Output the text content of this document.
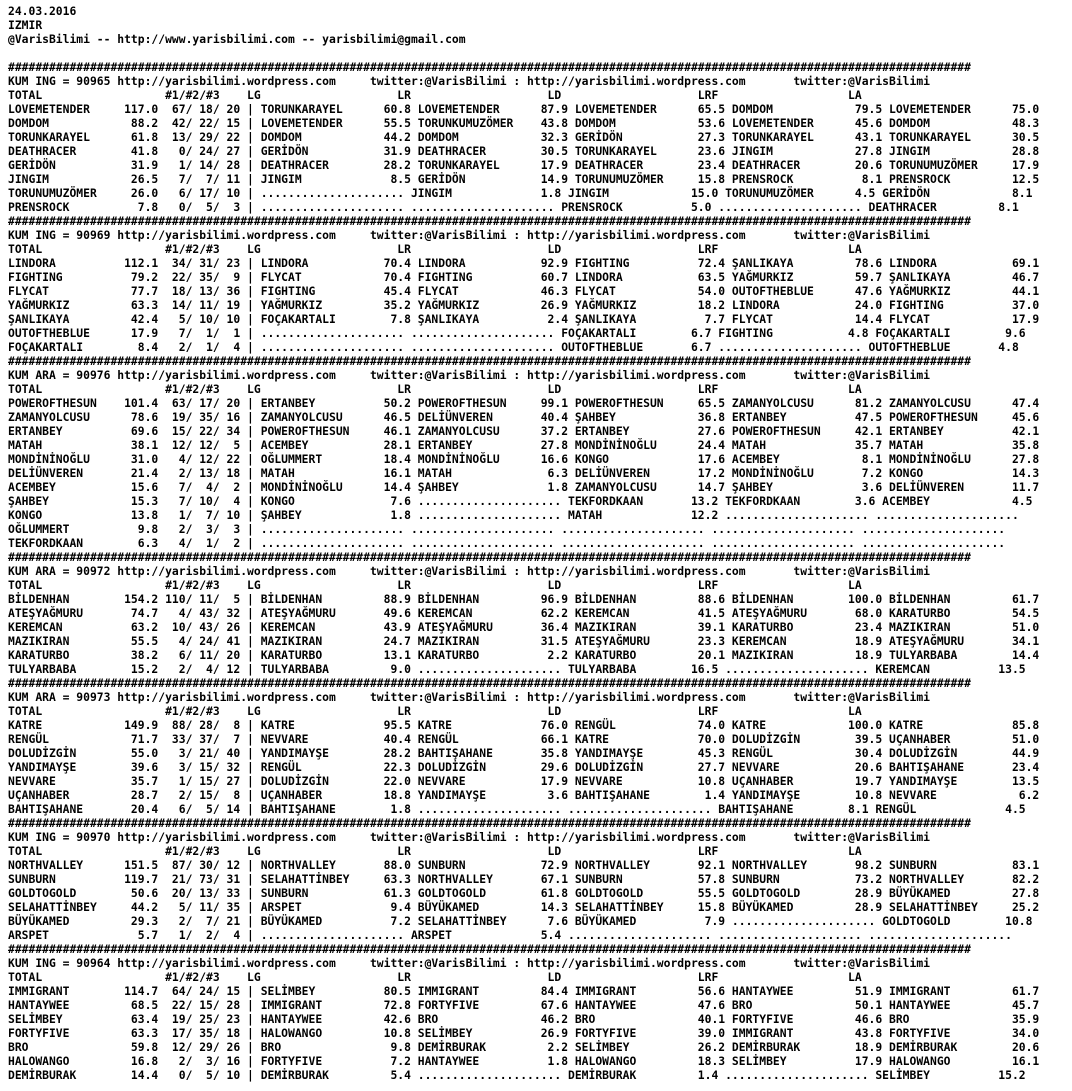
24.03.2016
IZMIR
@VarisBilimi -- http://www.yarisbilimi.com -- yarisbilimi@gmail.com

#############################################################################################################################################
KUM ING = 90965 http://yarisbilimi.wordpress.com     twitter:@VarisBilimi : http://yarisbilimi.wordpress.com       twitter:@VarisBilimi
TOTAL                  #1/#2/#3    LG                    LR                    LD                    LRF                   LA
LOVEMETENDER     117.0  67/ 18/ 20 | TORUNKARAYEL      60.8 LOVEMETENDER      87.9 LOVEMETENDER      65.5 DOMDOM            79.5 LOVEMETENDER      75.0
DOMDOM            88.2  42/ 22/ 15 | LOVEMETENDER      55.5 TORUNKUMUZÖMER    43.8 DOMDOM            53.6 LOVEMETENDER      45.6 DOMDOM            48.3
TORUNKARAYEL      61.8  13/ 29/ 22 | DOMDOM            44.2 DOMDOM            32.3 GERİDÖN           27.3 TORUNKARAYEL      43.1 TORUNKARAYEL      30.5
DEATHRACER        41.8   0/ 24/ 27 | GERİDÖN           31.9 DEATHRACER        30.5 TORUNKARAYEL      23.6 JINGIM            27.8 JINGIM            28.8
GERİDÖN           31.9   1/ 14/ 28 | DEATHRACER        28.2 TORUNKARAYEL      17.9 DEATHRACER        23.4 DEATHRACER        20.6 TORUNUMUZÖMER     17.9
JINGIM            26.5   7/  7/ 11 | JINGIM             8.5 GERİDÖN           14.9 TORUNUMUZÖMER     15.8 PRENSROCK          8.1 PRENSROCK         12.5
TORUNUMUZÖMER     26.0   6/ 17/ 10 | ..................... JINGIM             1.8 JINGIM            15.0 TORUNUMUZÖMER      4.5 GERİDÖN            8.1
PRENSROCK          7.8   0/  5/  3 | ..................... ..................... PRENSROCK          5.0 ..................... DEATHRACER         8.1
#############################################################################################################################################
KUM ING = 90969 http://yarisbilimi.wordpress.com     twitter:@VarisBilimi : http://yarisbilimi.wordpress.com       twitter:@VarisBilimi
TOTAL                  #1/#2/#3    LG                    LR                    LD                    LRF                   LA
LINDORA          112.1  34/ 31/ 23 | LINDORA           70.4 LINDORA           92.9 FIGHTING          72.4 ŞANLIKAYA         78.6 LINDORA           69.1
FIGHTING          79.2  22/ 35/  9 | FLYCAT            70.4 FIGHTING          60.7 LINDORA           63.5 YAĞMURKIZ         59.7 ŞANLIKAYA         46.7
FLYCAT            77.7  18/ 13/ 36 | FIGHTING          45.4 FLYCAT            46.3 FLYCAT            54.0 OUTOFTHEBLUE      47.6 YAĞMURKIZ         44.1
YAĞMURKIZ         63.3  14/ 11/ 19 | YAĞMURKIZ         35.2 YAĞMURKIZ         26.9 YAĞMURKIZ         18.2 LINDORA           24.0 FIGHTING          37.0
ŞANLIKAYA         42.4   5/ 10/ 10 | FOÇAKARTALI        7.8 ŞANLIKAYA          2.4 ŞANLIKAYA          7.7 FLYCAT            14.4 FLYCAT            17.9
OUTOFTHEBLUE      17.9   7/  1/  1 | ..................... ..................... FOÇAKARTALI        6.7 FIGHTING           4.8 FOÇAKARTALI        9.6
FOÇAKARTALI        8.4   2/  1/  4 | ..................... ..................... OUTOFTHEBLUE       6.7 ..................... OUTOFTHEBLUE       4.8
#############################################################################################################################################
KUM ARA = 90976 http://yarisbilimi.wordpress.com     twitter:@VarisBilimi : http://yarisbilimi.wordpress.com       twitter:@VarisBilimi
TOTAL                  #1/#2/#3    LG                    LR                    LD                    LRF                   LA
POWEROFTHESUN    101.4  63/ 17/ 20 | ERTANBEY          50.2 POWEROFTHESUN     99.1 POWEROFTHESUN     65.5 ZAMANYOLCUSU      81.2 ZAMANYOLCUSU      47.4
ZAMANYOLCUSU      78.6  19/ 35/ 16 | ZAMANYOLCUSU      46.5 DELİÜNVEREN       40.4 ŞAHBEY            36.8 ERTANBEY          47.5 POWEROFTHESUN     45.6
ERTANBEY          69.6  15/ 22/ 34 | POWEROFTHESUN     46.1 ZAMANYOLCUSU      37.2 ERTANBEY          27.6 POWEROFTHESUN     42.1 ERTANBEY          42.1
MATAH             38.1  12/ 12/  5 | ACEMBEY           28.1 ERTANBEY          27.8 MONDİNİNOĞLU      24.4 MATAH             35.7 MATAH             35.8
MONDİNİNOĞLU      31.0   4/ 12/ 22 | OĞLUMMERT         18.4 MONDİNİNOĞLU      16.6 KONGO             17.6 ACEMBEY            8.1 MONDİNİNOĞLU      27.8
DELİÜNVEREN       21.4   2/ 13/ 18 | MATAH             16.1 MATAH              6.3 DELİÜNVEREN       17.2 MONDİNİNOĞLU       7.2 KONGO             14.3
ACEMBEY           15.6   7/  4/  2 | MONDİNİNOĞLU      14.4 ŞAHBEY             1.8 ZAMANYOLCUSU      14.7 ŞAHBEY             3.6 DELİÜNVEREN       11.7
ŞAHBEY            15.3   7/ 10/  4 | KONGO              7.6 ..................... TEKFORDKAAN       13.2 TEKFORDKAAN        3.6 ACEMBEY            4.5
KONGO             13.8   1/  7/ 10 | ŞAHBEY             1.8 ..................... MATAH             12.2 ..................... .....................
OĞLUMMERT          9.8   2/  3/  3 | ..................... ..................... ..................... ..................... .....................
TEKFORDKAAN        6.3   4/  1/  2 | ..................... ..................... ..................... ..................... .....................
#############################################################################################################################################
KUM ARA = 90972 http://yarisbilimi.wordpress.com     twitter:@VarisBilimi : http://yarisbilimi.wordpress.com       twitter:@VarisBilimi
TOTAL                  #1/#2/#3    LG                    LR                    LD                    LRF                   LA
BİLDENHAN        154.2 110/ 11/  5 | BİLDENHAN         88.9 BİLDENHAN         96.9 BİLDENHAN         88.6 BİLDENHAN        100.0 BİLDENHAN         61.7
ATEŞYAĞMURU       74.7   4/ 43/ 32 | ATEŞYAĞMURU       49.6 KEREMCAN          62.2 KEREMCAN          41.5 ATEŞYAĞMURU       68.0 KARATURBO         54.5
KEREMCAN          63.2  10/ 43/ 26 | KEREMCAN          43.9 ATEŞYAĞMURU       36.4 MAZIKIRAN         39.1 KARATURBO         23.4 MAZIKIRAN         51.0
MAZIKIRAN         55.5   4/ 24/ 41 | MAZIKIRAN         24.7 MAZIKIRAN         31.5 ATEŞYAĞMURU       23.3 KEREMCAN          18.9 ATEŞYAĞMURU       34.1
KARATURBO         38.2   6/ 11/ 20 | KARATURBO         13.1 KARATURBO          2.2 KARATURBO         20.1 MAZIKIRAN         18.9 TULYARBABA        14.4
TULYARBABA        15.2   2/  4/ 12 | TULYARBABA         9.0 ..................... TULYARBABA        16.5 ..................... KEREMCAN          13.5
#############################################################################################################################################
KUM ARA = 90973 http://yarisbilimi.wordpress.com     twitter:@VarisBilimi : http://yarisbilimi.wordpress.com       twitter:@VarisBilimi
TOTAL                  #1/#2/#3    LG                    LR                    LD                    LRF                   LA
KATRE            149.9  88/ 28/  8 | KATRE             95.5 KATRE             76.0 RENGÜL            74.0 KATRE            100.0 KATRE             85.8
RENGÜL            71.7  33/ 37/  7 | NEVVARE           40.4 RENGÜL            66.1 KATRE             70.0 DOLUDİZGİN        39.5 UÇANHABER         51.0
DOLUDİZGİN        55.0   3/ 21/ 40 | YANDIMAYŞE        28.2 BAHTIŞAHANE       35.8 YANDIMAYŞE        45.3 RENGÜL            30.4 DOLUDİZGİN        44.9
YANDIMAYŞE        39.6   3/ 15/ 32 | RENGÜL            22.3 DOLUDİZGİN        29.6 DOLUDİZGİN        27.7 NEVVARE           20.6 BAHTIŞAHANE       23.4
NEVVARE           35.7   1/ 15/ 27 | DOLUDİZGİN        22.0 NEVVARE           17.9 NEVVARE           10.8 UÇANHABER         19.7 YANDIMAYŞE        13.5
UÇANHABER         28.7   2/ 15/  8 | UÇANHABER         18.8 YANDIMAYŞE         3.6 BAHTIŞAHANE        1.4 YANDIMAYŞE        10.8 NEVVARE            6.2
BAHTIŞAHANE       20.4   6/  5/ 14 | BAHTIŞAHANE        1.8 ..................... ..................... BAHTIŞAHANE        8.1 RENGÜL             4.5
#############################################################################################################################################
KUM ING = 90970 http://yarisbilimi.wordpress.com     twitter:@VarisBilimi : http://yarisbilimi.wordpress.com       twitter:@VarisBilimi
TOTAL                  #1/#2/#3    LG                    LR                    LD                    LRF                   LA
NORTHVALLEY      151.5  87/ 30/ 12 | NORTHVALLEY       88.0 SUNBURN           72.9 NORTHVALLEY       92.1 NORTHVALLEY       98.2 SUNBURN           83.1
SUNBURN          119.7  21/ 73/ 31 | SELAHATTİNBEY     63.3 NORTHVALLEY       67.1 SUNBURN           57.8 SUNBURN           73.2 NORTHVALLEY       82.2
GOLDTOGOLD        50.6  20/ 13/ 33 | SUNBURN           61.3 GOLDTOGOLD        61.8 GOLDTOGOLD        55.5 GOLDTOGOLD        28.9 BÜYÜKAMED         27.8
SELAHATTİNBEY     44.2   5/ 11/ 35 | ARSPET             9.4 BÜYÜKAMED         14.3 SELAHATTİNBEY     15.8 BÜYÜKAMED         28.9 SELAHATTİNBEY     25.2
BÜYÜKAMED         29.3   2/  7/ 21 | BÜYÜKAMED          7.2 SELAHATTİNBEY      7.6 BÜYÜKAMED          7.9 ..................... GOLDTOGOLD        10.8
ARSPET             5.7   1/  2/  4 | ..................... ARSPET             5.4 ..................... ..................... .....................
#############################################################################################################################################
KUM ING = 90964 http://yarisbilimi.wordpress.com     twitter:@VarisBilimi : http://yarisbilimi.wordpress.com       twitter:@VarisBilimi
TOTAL                  #1/#2/#3    LG                    LR                    LD                    LRF                   LA
IMMIGRANT        114.7  64/ 24/ 15 | SELİMBEY          80.5 IMMIGRANT         84.4 IMMIGRANT         56.6 HANTAYWEE         51.9 IMMIGRANT         61.7
HANTAYWEE         68.5  22/ 15/ 28 | IMMIGRANT         72.8 FORTYFIVE         67.6 HANTAYWEE         47.6 BRO               50.1 HANTAYWEE         45.7
SELİMBEY          63.4  19/ 25/ 23 | HANTAYWEE         42.6 BRO               46.2 BRO               40.1 FORTYFIVE         46.6 BRO               35.9
FORTYFIVE         63.3  17/ 35/ 18 | HALOWANGO         10.8 SELİMBEY          26.9 FORTYFIVE         39.0 IMMIGRANT         43.8 FORTYFIVE         34.0
BRO               59.8  12/ 29/ 26 | BRO                9.8 DEMİRBURAK         2.2 SELİMBEY          26.2 DEMİRBURAK        18.9 DEMİRBURAK        20.6
HALOWANGO         16.8   2/  3/ 16 | FORTYFIVE          7.2 HANTAYWEE          1.8 HALOWANGO         18.3 SELİMBEY          17.9 HALOWANGO         16.1
DEMİRBURAK        14.4   0/  5/ 10 | DEMİRBURAK         5.4 ..................... DEMİRBURAK         1.4 ..................... SELİMBEY          15.2
